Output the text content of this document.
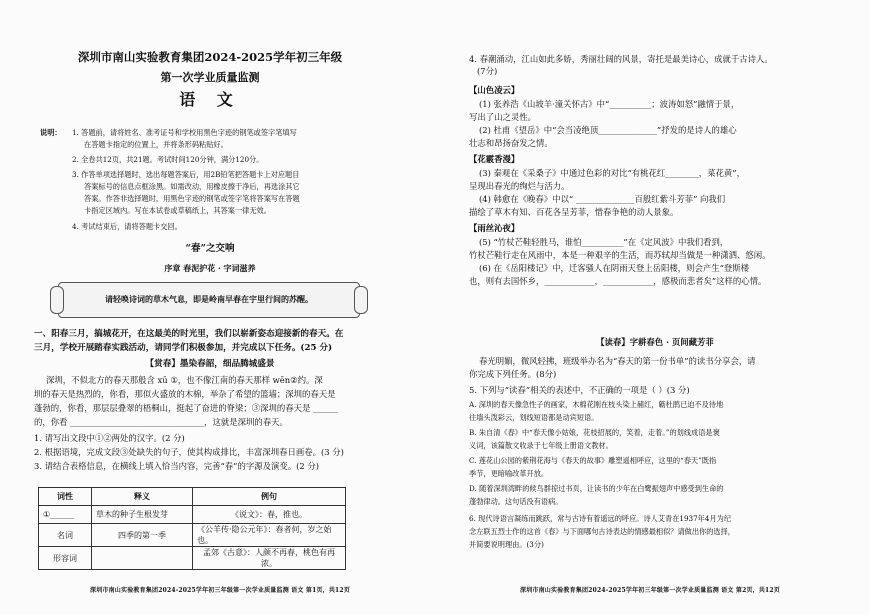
深圳市南山实验教育集团2024-2025学年初三年级
第一次学业质量监测
语 文
说明： 1. 答题前，请将姓名、准考证号和学校用黑色字迹的钢笔或签字笔填写
在答题卡指定的位置上，并将条形码粘贴好。
2. 全卷共12页，共21题。考试时间120分钟，满分120分。
3. 作答单项选择题时，选出每题答案后，用2B铅笔把答题卡上对应题目
答案标号的信息点框涂黑。如需改动，用橡皮擦干净后，再选涂其它
答案。作答非选择题时，用黑色字迹的钢笔或签字笔将答案写在答题
卡指定区域内。写在本试卷或草稿纸上，其答案一律无效。
4. 考试结束后，请将答题卡交回。
“春”之交响
序章 春泥护花 · 字词滋养
请轻唤诗词的草木气息，即是岭南早春在宇里行间的苏醒。
一、阳春三月，搞城花开，在这最美的时光里，我们以崭新姿态迎接新的春天。在
三月，学校开展踏春实践活动，请同学们积极参加，并完成以下任务。(25 分)
【赏春】墨染春韶，细品腾城盛景
深圳，不似北方的春天那般含 xū ①，也不像江南的春天那样 wēn②约。深
圳的春天是热烈的，你看，那似火盛放的木棉，举杂了希望的篮墙；深圳的春天是
蓬勃的，你看，那层层叠翠的梧桐山，挺起了奋进的脊梁；③深圳的春天是 ______
的，你看 ________________________________，这就是深圳的春天。
1. 请写出文段中①②两处的汉字。(2 分)
2. 根据语境，完成文段③处缺失的句子，使其构成排比，丰富深圳春日画卷。(3 分)
3. 请结合表格信息，在横线上填入恰当内容，完善“春”的字源及演变。(2 分)
词性	释义	例句
①______	草木的种子生根发芽	《说文》：春，推也。
名词	四季的第一季	《公羊传·隐公元年》：春者何，岁之始也。
形容词		孟郊《古意》：人颜不再春，桃色有再浓。
深圳市南山实验教育集团2024-2025学年初三年级第一次学业质量监测 语文 第1页，共12页
4. 春潮涌动，江山如此多娇，秀丽壮阔的风景，寄托是最美诗心，成就千古诗人。
(7分)
【山色凌云】
(1) 张养浩《山坡羊·潼关怀古》中“__________；波涛如怒”融情于景，
写出了山之灵性。
(2) 杜甫《望岳》中“会当凌绝顶______________”抒发的是诗人的雄心
壮志和昂扬奋发之情。
【花霰香漫】
(3) 秦观在《采桑子》中通过色彩的对比“有桃花红________，菜花黄”，
呈现出春光的绚烂与活力。
(4) 韩愈在《晚春》中以“ ______________百般红紫斗芳菲” 向我们
描绘了草木有知、百花各呈芳菲，惜春争艳的动人景象。
【雨丝沁夜】
(5) “竹杖芒鞋轻胜马，谁怕__________”在《定风波》中我们看到，
竹杖芒鞋行走在风雨中，本是一种艰辛的生活，而苏轼却当做是一种潇洒、悠闲。
(6) 在《岳阳楼记》中，迁客骚人在阴雨天登上岳阳楼，则会产生“登斯楼
也，则有去国怀乡，____________，____________，感极而悲者矣”这样的心情。
【读春】字耕春色 · 页间藏芳菲
春光明媚，微风轻拂，班级举办名为“春天的第一份书单”的读书分享会，请
你完成下列任务。(8分)
5. 下列与“读春”相关的表述中，不正确的一项是（ ）(3 分)
A. 深圳的春天像急性子的画家，木棉花刚在枝头染上赭红，簕杜鹃已迫不及待地
往墙头泼彩云，划线短语都是动宾短语。
B. 朱自清《春》中“春天像小姑娘，花枝招展的，笑着，走着。”的划线成语是褒
义词，该篇散文收录于七年级上册语文教材。
C. 莲花山公园的紫荆花海与《春天的故事》雕塑遥相呼应，这里的“春天”既指
季节，更暗喻改革开放。
D. 随着深圳湾畔的候鸟群掠过书页，让读书的少年在白鹭振翅声中感受到生命的
蓬勃律动。这句话没有语病。
6. 现代诗语言凝练而跳跃，常与古诗有着遥远的呼应。诗人艾青在1937年4月为纪
念左联五烈士作的这首《春》与下面哪句古诗表达的情感最相似？请做出你的选择，
并简要说明理由。(3分)
深圳市南山实验教育集团2024-2025学年初三年级第一次学业质量监测 语文 第2页，共12页
